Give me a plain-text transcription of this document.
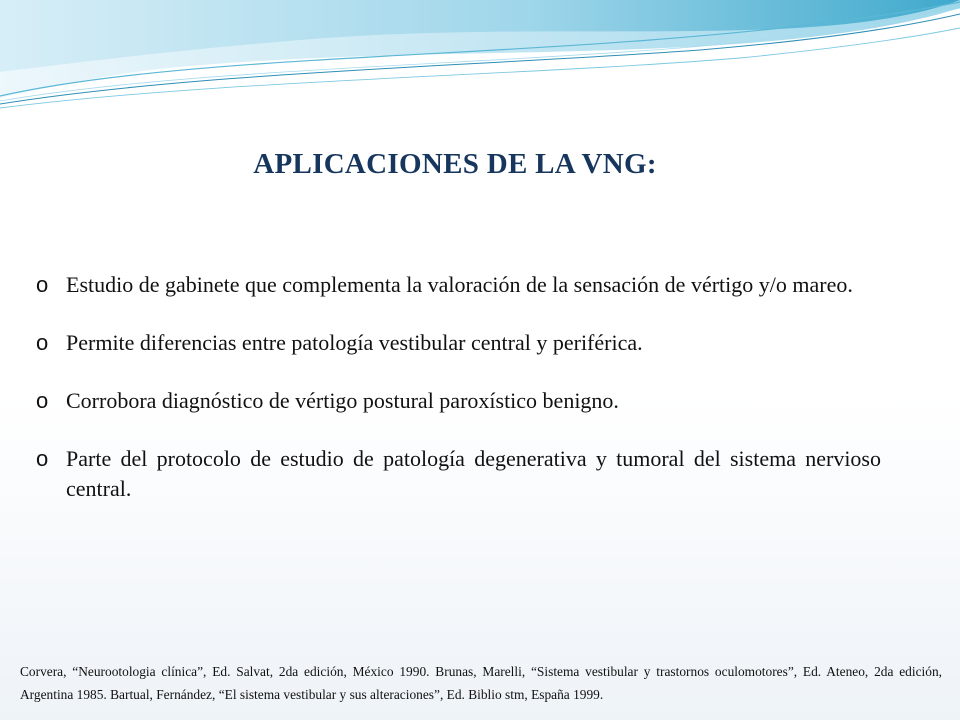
APLICACIONES DE LA VNG:
o Estudio de gabinete que complementa la valoración de la sensación de vértigo y/o mareo.
o Permite diferencias entre patología vestibular central y periférica.
o Corrobora diagnóstico de vértigo postural paroxístico benigno.
o Parte del protocolo de estudio de patología degenerativa y tumoral del sistema nervioso central.
Corvera, “Neurootologia clínica”, Ed. Salvat, 2da edición, México 1990. Brunas, Marelli, “Sistema vestibular y trastornos oculomotores”, Ed. Ateneo, 2da edición, Argentina 1985. Bartual, Fernández, “El sistema vestibular y sus alteraciones”, Ed. Biblio stm, España 1999.
